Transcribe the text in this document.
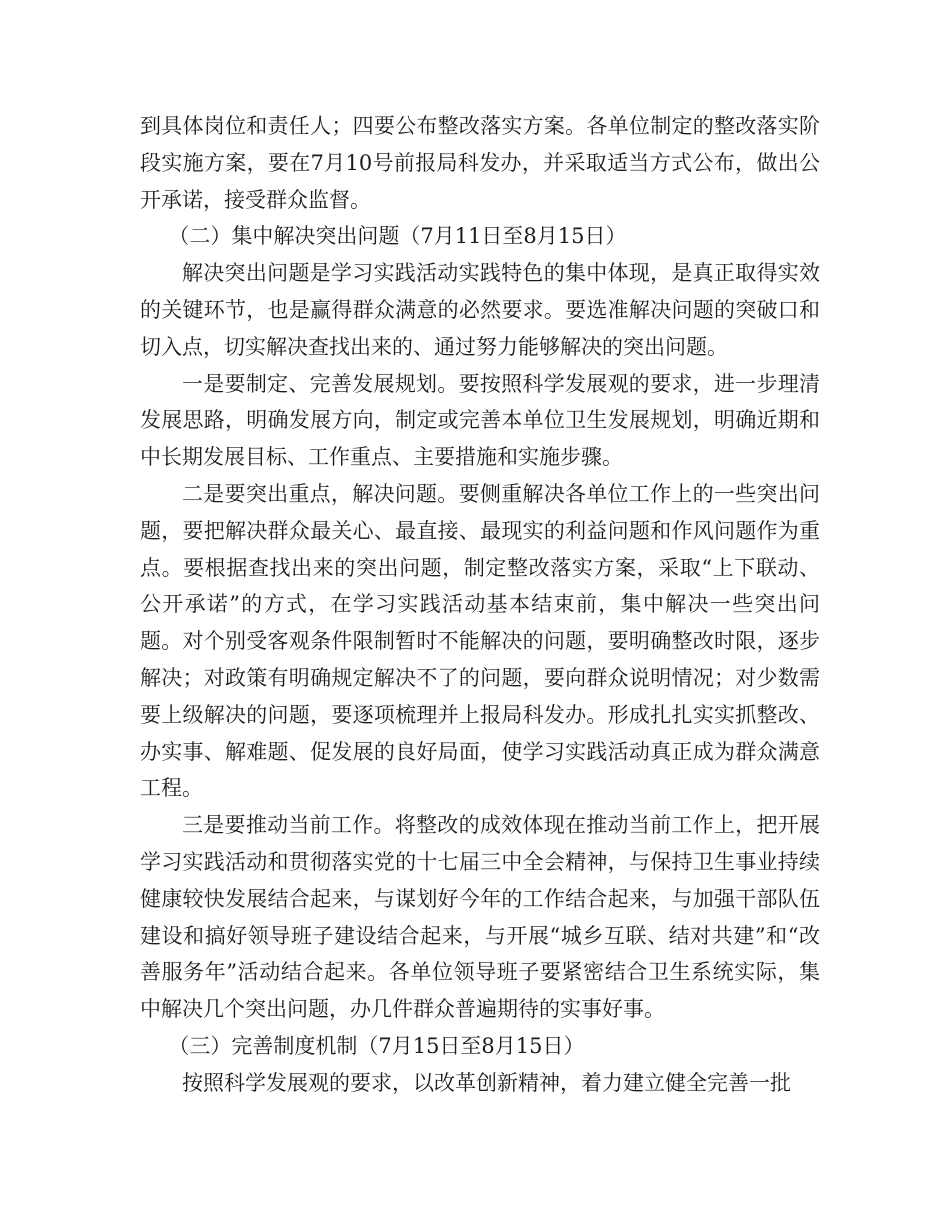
到具体岗位和责任人；四要公布整改落实方案。各单位制定的整改落实阶段实施方案，要在7月10号前报局科发办，并采取适当方式公布，做出公开承诺，接受群众监督。

（二）集中解决突出问题（7月11日至8月15日）

解决突出问题是学习实践活动实践特色的集中体现，是真正取得实效的关键环节，也是赢得群众满意的必然要求。要选准解决问题的突破口和切入点，切实解决查找出来的、通过努力能够解决的突出问题。

一是要制定、完善发展规划。要按照科学发展观的要求，进一步理清发展思路，明确发展方向，制定或完善本单位卫生发展规划，明确近期和中长期发展目标、工作重点、主要措施和实施步骤。

二是要突出重点，解决问题。要侧重解决各单位工作上的一些突出问题，要把解决群众最关心、最直接、最现实的利益问题和作风问题作为重点。要根据查找出来的突出问题，制定整改落实方案，采取“上下联动、公开承诺”的方式，在学习实践活动基本结束前，集中解决一些突出问题。对个别受客观条件限制暂时不能解决的问题，要明确整改时限，逐步解决；对政策有明确规定解决不了的问题，要向群众说明情况；对少数需要上级解决的问题，要逐项梳理并上报局科发办。形成扎扎实实抓整改、办实事、解难题、促发展的良好局面，使学习实践活动真正成为群众满意工程。

三是要推动当前工作。将整改的成效体现在推动当前工作上，把开展学习实践活动和贯彻落实党的十七届三中全会精神，与保持卫生事业持续健康较快发展结合起来，与谋划好今年的工作结合起来，与加强干部队伍建设和搞好领导班子建设结合起来，与开展“城乡互联、结对共建”和“改善服务年”活动结合起来。各单位领导班子要紧密结合卫生系统实际，集中解决几个突出问题，办几件群众普遍期待的实事好事。

（三）完善制度机制（7月15日至8月15日）

按照科学发展观的要求，以改革创新精神，着力建立健全完善一批
